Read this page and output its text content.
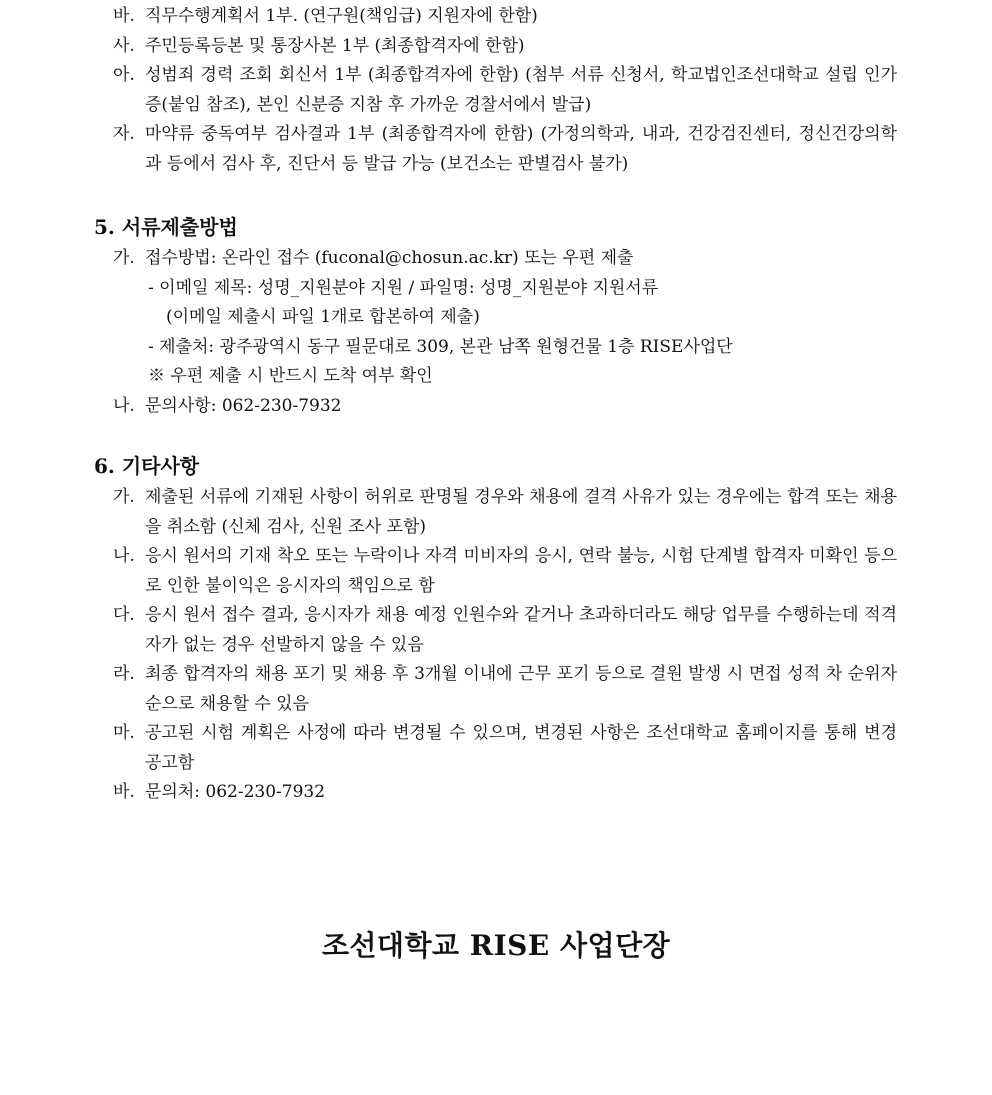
바. 직무수행계획서 1부. (연구원(책임급) 지원자에 한함)
사. 주민등록등본 및 통장사본 1부 (최종합격자에 한함)
아. 성범죄 경력 조회 회신서 1부 (최종합격자에 한함) (첨부 서류 신청서, 학교법인조선대학교 설립 인가증(붙임 참조), 본인 신분증 지참 후 가까운 경찰서에서 발급)
자. 마약류 중독여부 검사결과 1부 (최종합격자에 한함) (가정의학과, 내과, 건강검진센터, 정신건강의학과 등에서 검사 후, 진단서 등 발급 가능 (보건소는 판별검사 불가)
5. 서류제출방법
가. 접수방법: 온라인 접수 (fuconal@chosun.ac.kr) 또는 우편 제출
- 이메일 제목: 성명_지원분야 지원 / 파일명: 성명_지원분야 지원서류
(이메일 제출시 파일 1개로 합본하여 제출)
- 제출처: 광주광역시 동구 필문대로 309, 본관 남쪽 원형건물 1층 RISE사업단
※ 우편 제출 시 반드시 도착 여부 확인
나. 문의사항: 062-230-7932
6. 기타사항
가. 제출된 서류에 기재된 사항이 허위로 판명될 경우와 채용에 결격 사유가 있는 경우에는 합격 또는 채용을 취소함 (신체 검사, 신원 조사 포함)
나. 응시 원서의 기재 착오 또는 누락이나 자격 미비자의 응시, 연락 불능, 시험 단계별 합격자 미확인 등으로 인한 불이익은 응시자의 책임으로 함
다. 응시 원서 접수 결과, 응시자가 채용 예정 인원수와 같거나 초과하더라도 해당 업무를 수행하는데 적격자가 없는 경우 선발하지 않을 수 있음
라. 최종 합격자의 채용 포기 및 채용 후 3개월 이내에 근무 포기 등으로 결원 발생 시 면접 성적 차 순위자 순으로 채용할 수 있음
마. 공고된 시험 계획은 사정에 따라 변경될 수 있으며, 변경된 사항은 조선대학교 홈페이지를 통해 변경 공고함
바. 문의처: 062-230-7932
조선대학교 RISE 사업단장
